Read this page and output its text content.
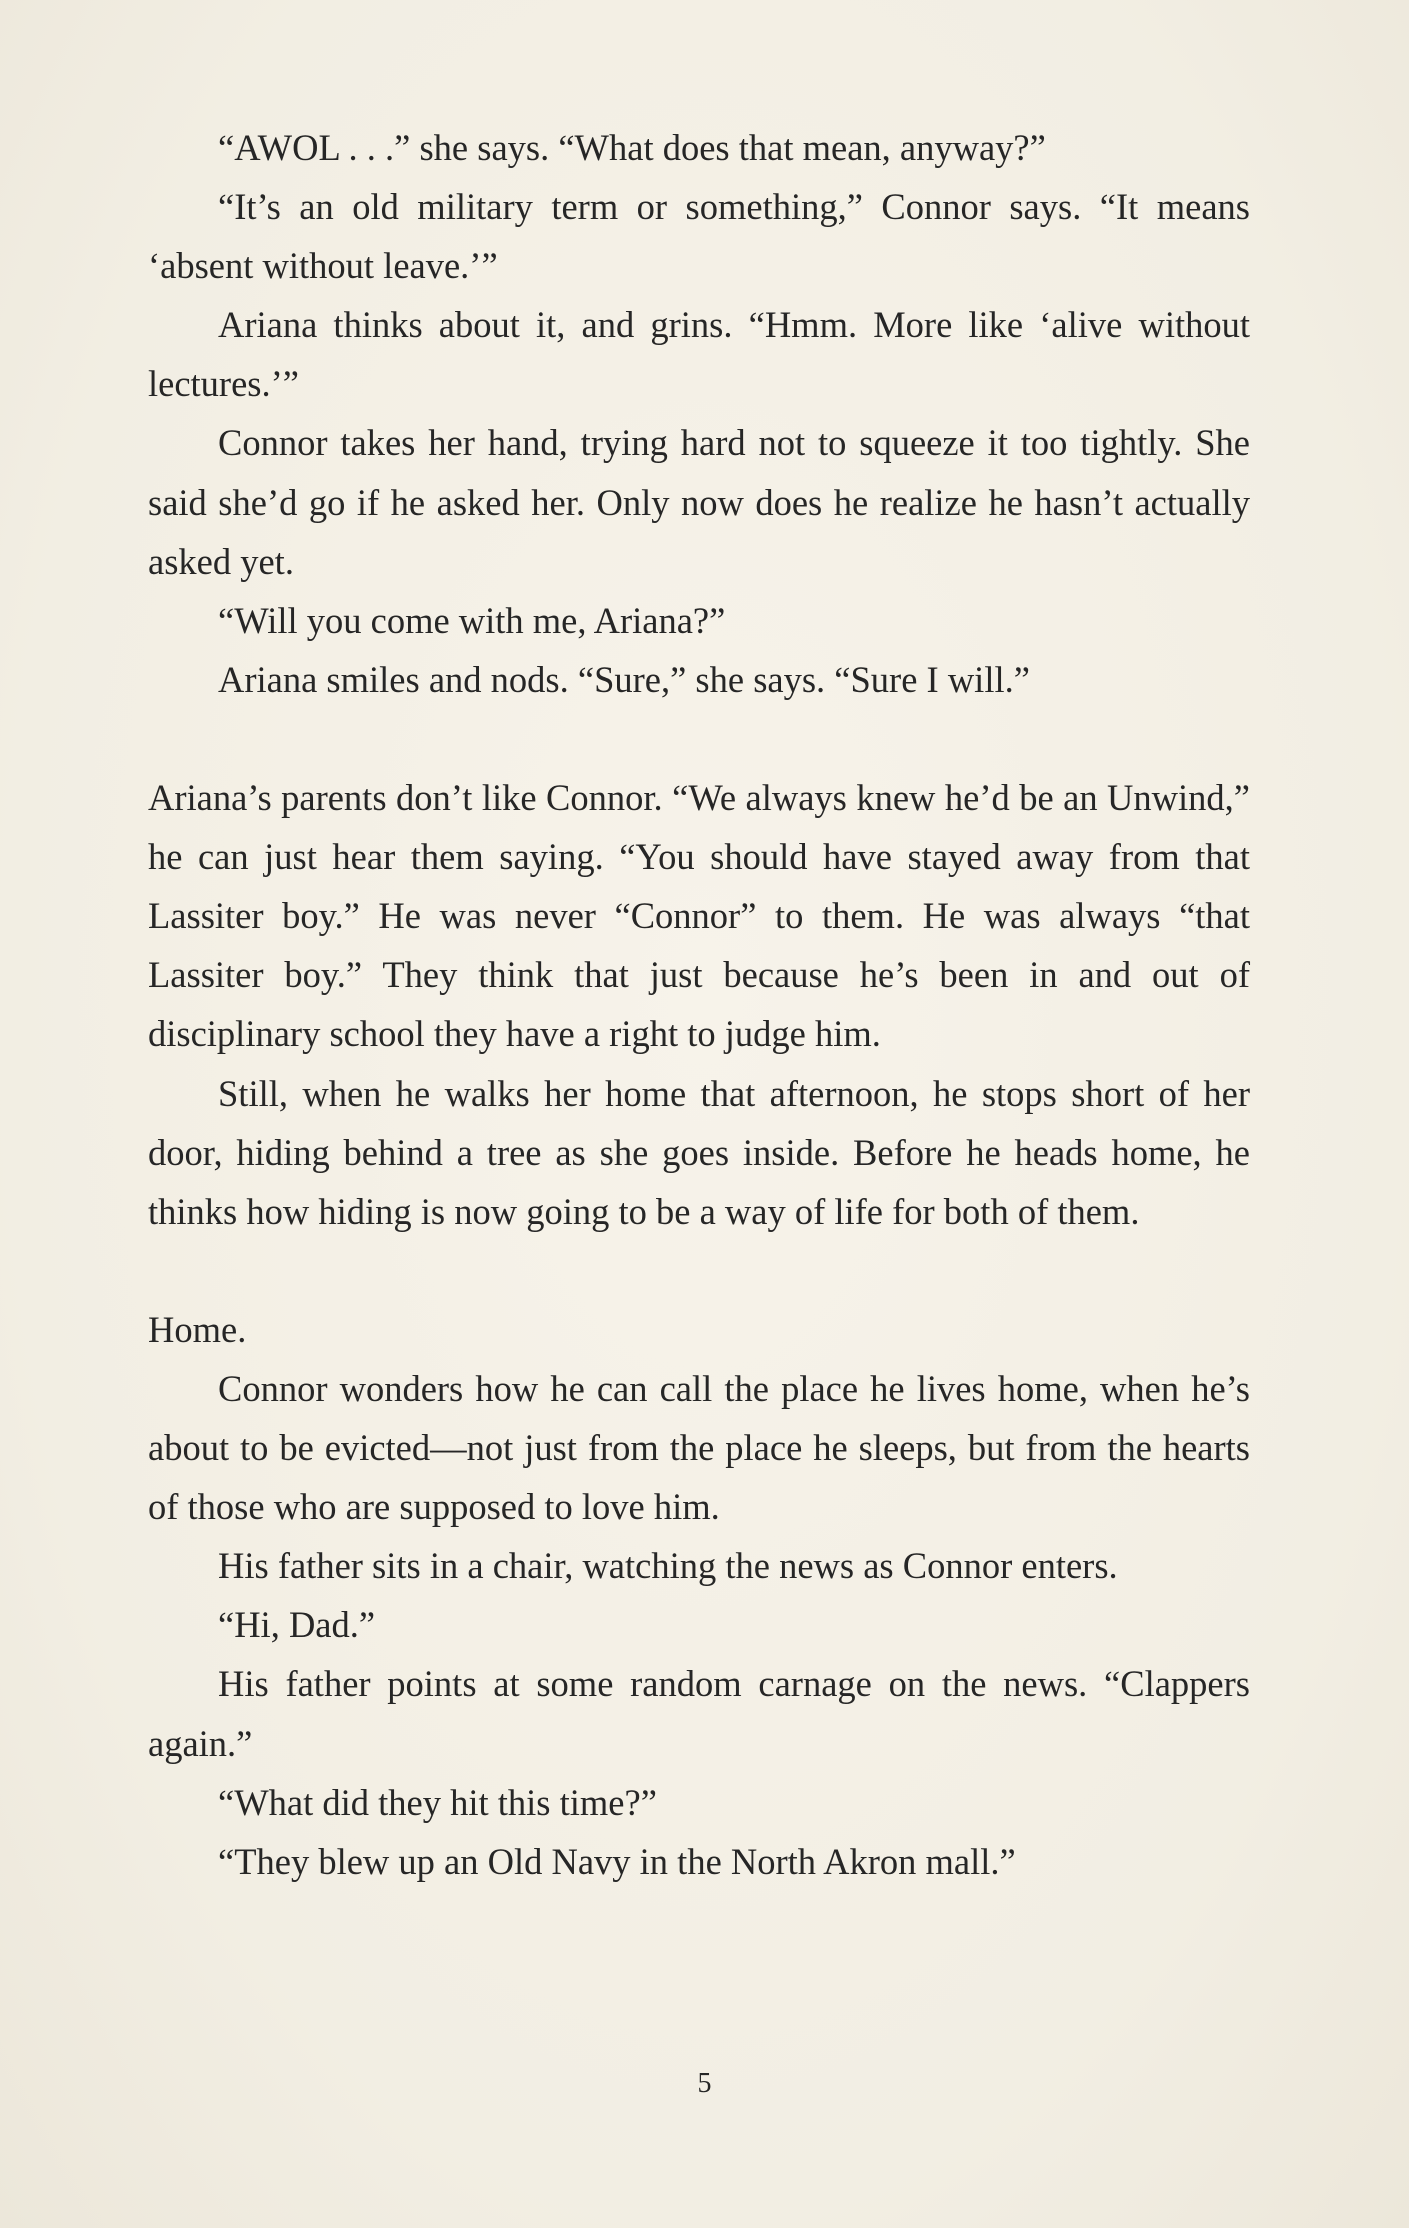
“AWOL . . .” she says. “What does that mean, anyway?”

“It’s an old military term or something,” Connor says. “It means ‘absent without leave.’”

Ariana thinks about it, and grins. “Hmm. More like ‘alive without lectures.’”

Connor takes her hand, trying hard not to squeeze it too tightly. She said she’d go if he asked her. Only now does he realize he hasn’t actually asked yet.

“Will you come with me, Ariana?”

Ariana smiles and nods. “Sure,” she says. “Sure I will.”

Ariana’s parents don’t like Connor. “We always knew he’d be an Unwind,” he can just hear them saying. “You should have stayed away from that Lassiter boy.” He was never “Connor” to them. He was always “that Lassiter boy.” They think that just because he’s been in and out of disciplinary school they have a right to judge him.

Still, when he walks her home that afternoon, he stops short of her door, hiding behind a tree as she goes inside. Before he heads home, he thinks how hiding is now going to be a way of life for both of them.

Home.

Connor wonders how he can call the place he lives home, when he’s about to be evicted—not just from the place he sleeps, but from the hearts of those who are supposed to love him.

His father sits in a chair, watching the news as Connor enters.

“Hi, Dad.”

His father points at some random carnage on the news. “Clappers again.”

“What did they hit this time?”

“They blew up an Old Navy in the North Akron mall.”

5
